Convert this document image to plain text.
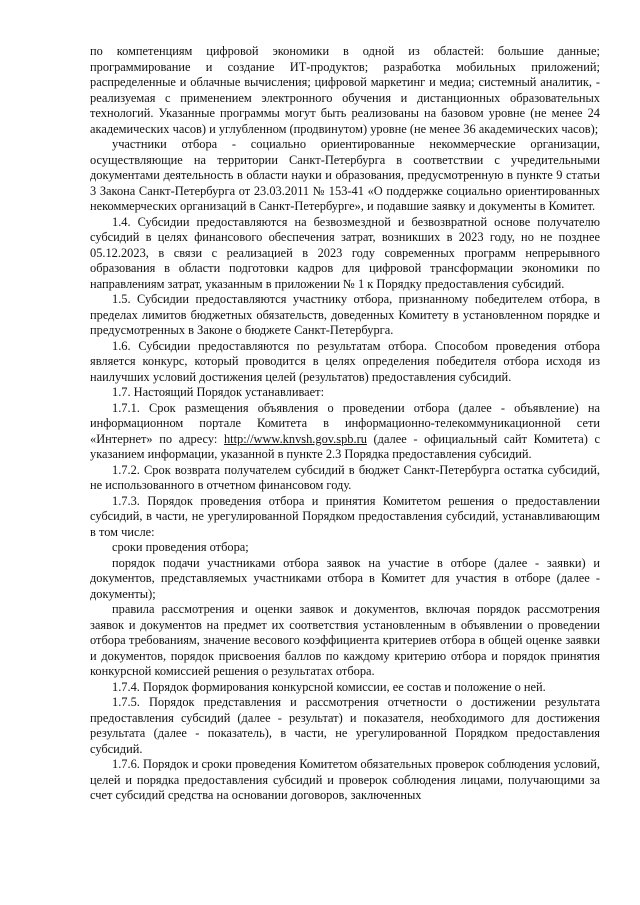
по компетенциям цифровой экономики в одной из областей: большие данные; программирование и создание ИТ-продуктов; разработка мобильных приложений; распределенные и облачные вычисления; цифровой маркетинг и медиа; системный аналитик, - реализуемая с применением электронного обучения и дистанционных образовательных технологий. Указанные программы могут быть реализованы на базовом уровне (не менее 24 академических часов) и углубленном (продвинутом) уровне (не менее 36 академических часов);

участники отбора - социально ориентированные некоммерческие организации, осуществляющие на территории Санкт-Петербурга в соответствии с учредительными документами деятельность в области науки и образования, предусмотренную в пункте 9 статьи 3 Закона Санкт-Петербурга от 23.03.2011 № 153-41 «О поддержке социально ориентированных некоммерческих организаций в Санкт-Петербурге», и подавшие заявку и документы в Комитет.

1.4. Субсидии предоставляются на безвозмездной и безвозвратной основе получателю субсидий в целях финансового обеспечения затрат, возникших в 2023 году, но не позднее 05.12.2023, в связи с реализацией в 2023 году современных программ непрерывного образования в области подготовки кадров для цифровой трансформации экономики по направлениям затрат, указанным в приложении № 1 к Порядку предоставления субсидий.

1.5. Субсидии предоставляются участнику отбора, признанному победителем отбора, в пределах лимитов бюджетных обязательств, доведенных Комитету в установленном порядке и предусмотренных в Законе о бюджете Санкт-Петербурга.

1.6. Субсидии предоставляются по результатам отбора. Способом проведения отбора является конкурс, который проводится в целях определения победителя отбора исходя из наилучших условий достижения целей (результатов) предоставления субсидий.

1.7. Настоящий Порядок устанавливает:

1.7.1. Срок размещения объявления о проведении отбора (далее - объявление) на информационном портале Комитета в информационно-телекоммуникационной сети «Интернет» по адресу: http://www.knvsh.gov.spb.ru (далее - официальный сайт Комитета) с указанием информации, указанной в пункте 2.3 Порядка предоставления субсидий.

1.7.2. Срок возврата получателем субсидий в бюджет Санкт-Петербурга остатка субсидий, не использованного в отчетном финансовом году.

1.7.3. Порядок проведения отбора и принятия Комитетом решения о предоставлении субсидий, в части, не урегулированной Порядком предоставления субсидий, устанавливающим в том числе:

сроки проведения отбора;

порядок подачи участниками отбора заявок на участие в отборе (далее - заявки) и документов, представляемых участниками отбора в Комитет для участия в отборе (далее - документы);

правила рассмотрения и оценки заявок и документов, включая порядок рассмотрения заявок и документов на предмет их соответствия установленным в объявлении о проведении отбора требованиям, значение весового коэффициента критериев отбора в общей оценке заявки и документов, порядок присвоения баллов по каждому критерию отбора и порядок принятия конкурсной комиссией решения о результатах отбора.

1.7.4. Порядок формирования конкурсной комиссии, ее состав и положение о ней.

1.7.5. Порядок представления и рассмотрения отчетности о достижении результата предоставления субсидий (далее - результат) и показателя, необходимого для достижения результата (далее - показатель), в части, не урегулированной Порядком предоставления субсидий.

1.7.6. Порядок и сроки проведения Комитетом обязательных проверок соблюдения условий, целей и порядка предоставления субсидий и проверок соблюдения лицами, получающими за счет субсидий средства на основании договоров, заключенных
